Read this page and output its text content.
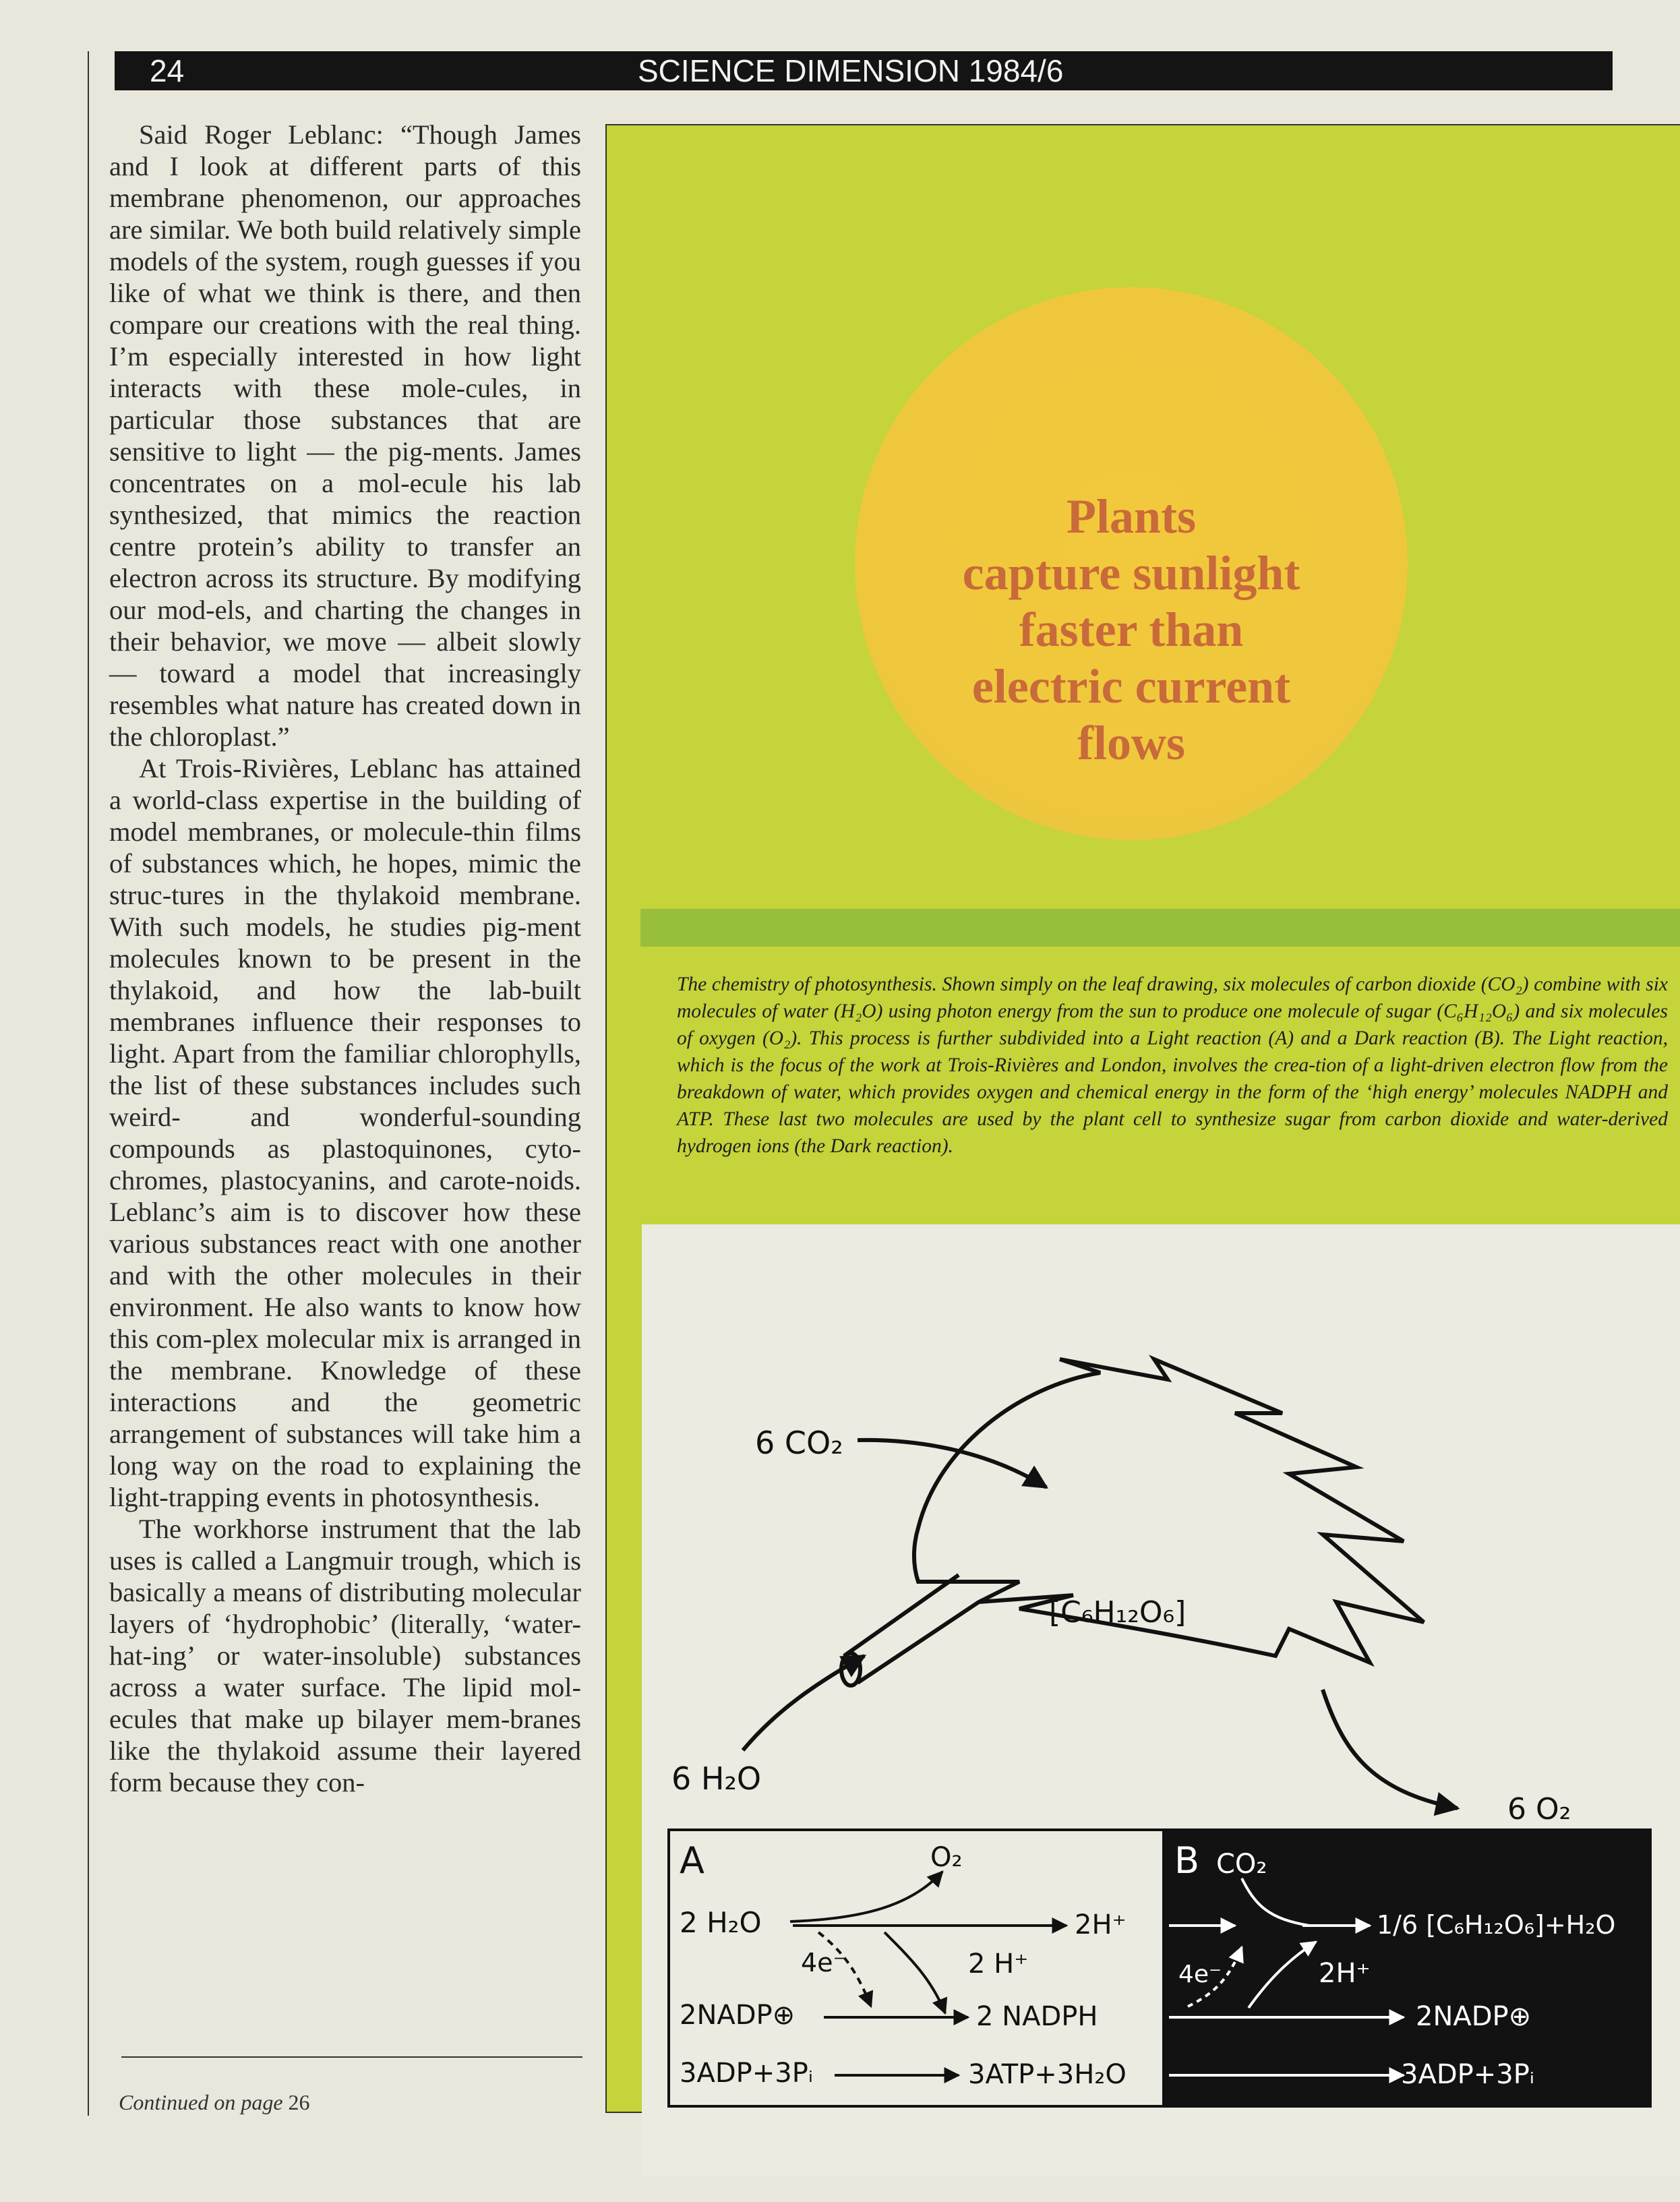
24	SCIENCE DIMENSION 1984/6

Said Roger Leblanc: “Though James and I look at different parts of this membrane phenomenon, our approaches are similar. We both build relatively simple models of the system, rough guesses if you like of what we think is there, and then compare our creations with the real thing. I’m especially interested in how light interacts with these mole-cules, in particular those substances that are sensitive to light — the pig-ments. James concentrates on a mol-ecule his lab synthesized, that mimics the reaction centre protein’s ability to transfer an electron across its structure. By modifying our mod-els, and charting the changes in their behavior, we move — albeit slowly — toward a model that increasingly resembles what nature has created down in the chloroplast.”

At Trois-Rivières, Leblanc has attained a world-class expertise in the building of model membranes, or molecule-thin films of substances which, he hopes, mimic the struc-tures in the thylakoid membrane. With such models, he studies pig-ment molecules known to be present in the thylakoid, and how the lab-built membranes influence their responses to light. Apart from the familiar chlorophylls, the list of these substances includes such weird- and wonderful-sounding compounds as plastoquinones, cyto-chromes, plastocyanins, and carote-noids. Leblanc’s aim is to discover how these various substances react with one another and with the other molecules in their environment. He also wants to know how this com-plex molecular mix is arranged in the membrane. Knowledge of these interactions and the geometric arrangement of substances will take him a long way on the road to explaining the light-trapping events in photosynthesis.

The workhorse instrument that the lab uses is called a Langmuir trough, which is basically a means of distributing molecular layers of ‘hydrophobic’ (literally, ‘water-hat-ing’ or water-insoluble) substances across a water surface. The lipid mol-ecules that make up bilayer mem-branes like the thylakoid assume their layered form because they con-

Continued on page 26
Plants
capture sunlight
faster than
electric current
flows
The chemistry of photosynthesis. Shown simply on the leaf drawing, six molecules of carbon dioxide (CO₂) combine with six molecules of water (H₂O) using photon energy from the sun to produce one molecule of sugar (C₆H₁₂O₆) and six molecules of oxygen (O₂). This process is further subdivided into a Light reaction (A) and a Dark reaction (B). The Light reaction, which is the focus of the work at Trois-Rivières and London, involves the crea-tion of a light-driven electron flow from the breakdown of water, which provides oxygen and chemical energy in the form of the ‘high energy’ molecules NADPH and ATP. These last two molecules are used by the plant cell to synthesize sugar from carbon dioxide and water-derived hydrogen ions (the Dark reaction).
6 CO₂
[C₆H₁₂O₆]
6 H₂O
6 O₂
A	O₂
2 H₂O	2H⁺
4e⁻	2 H⁺
2NADP⊕	2 NADPH
3ADP+3Pᵢ	3ATP+3H₂O
B CO₂
1/6 [C₆H₁₂O₆]+H₂O
4e⁻	2H⁺
2NADP⊕
3ADP+3Pᵢ
